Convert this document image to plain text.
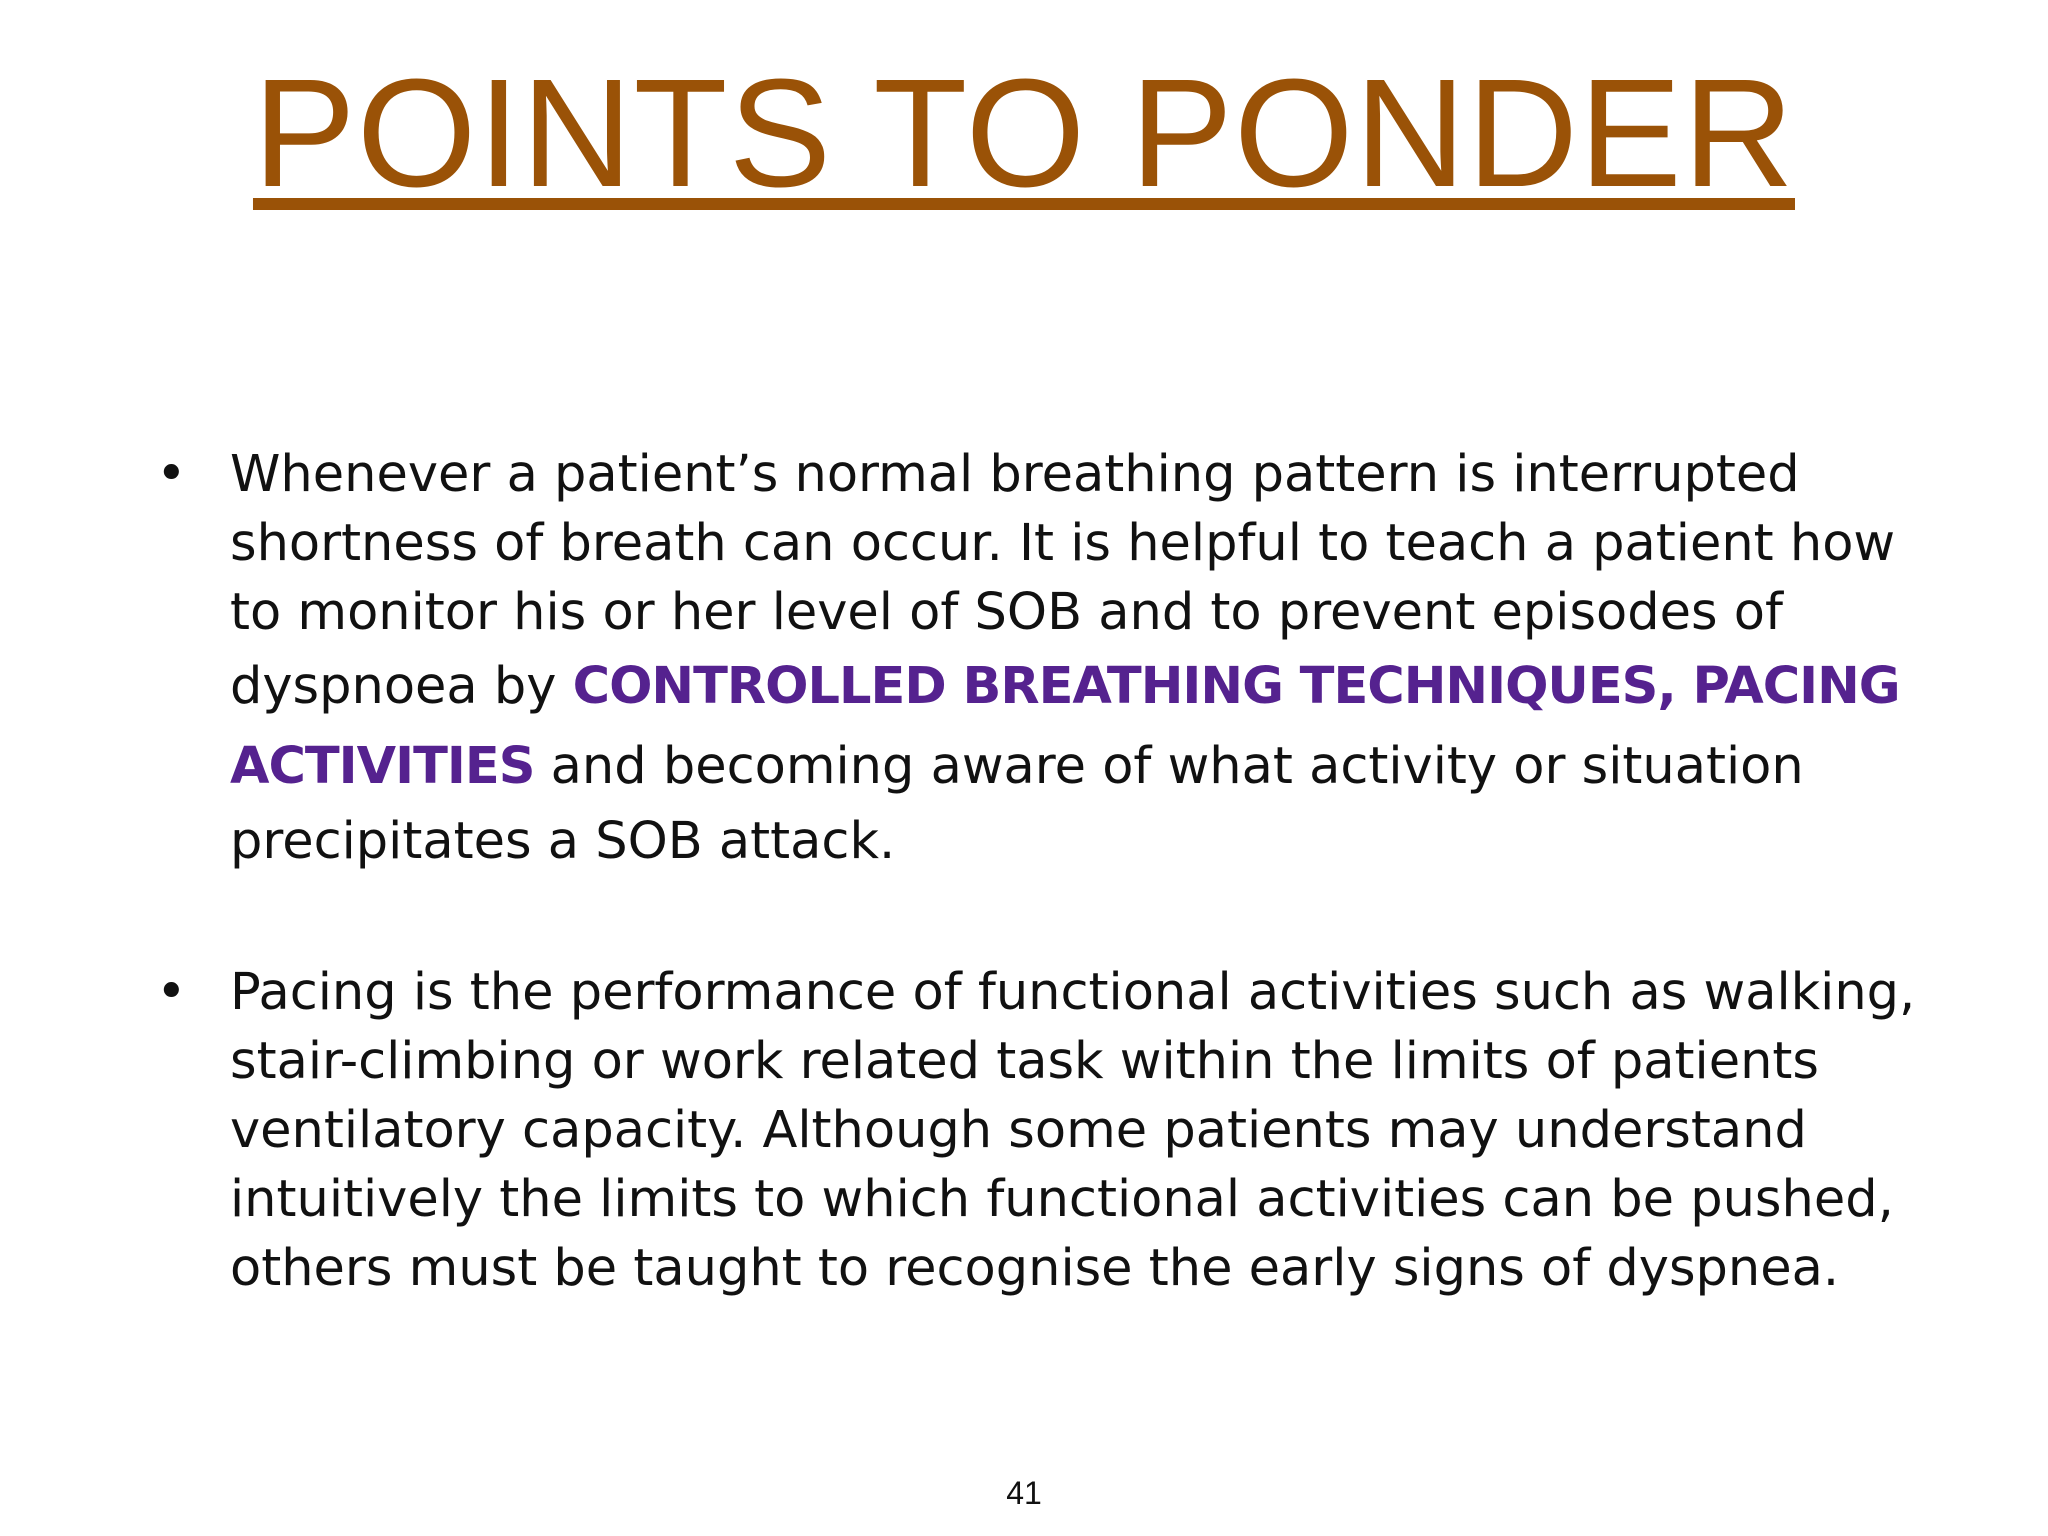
POINTS TO PONDER
• Whenever a patient’s normal breathing pattern is interrupted
shortness of breath can occur. It is helpful to teach a patient how
to monitor his or her level of SOB and to prevent episodes of
dyspnoea by CONTROLLED BREATHING TECHNIQUES, PACING
ACTIVITIES and becoming aware of what activity or situation
precipitates a SOB attack.
• Pacing is the performance of functional activities such as walking,
stair-climbing or work related task within the limits of patients
ventilatory capacity. Although some patients may understand
intuitively the limits to which functional activities can be pushed,
others must be taught to recognise the early signs of dyspnea.
41
